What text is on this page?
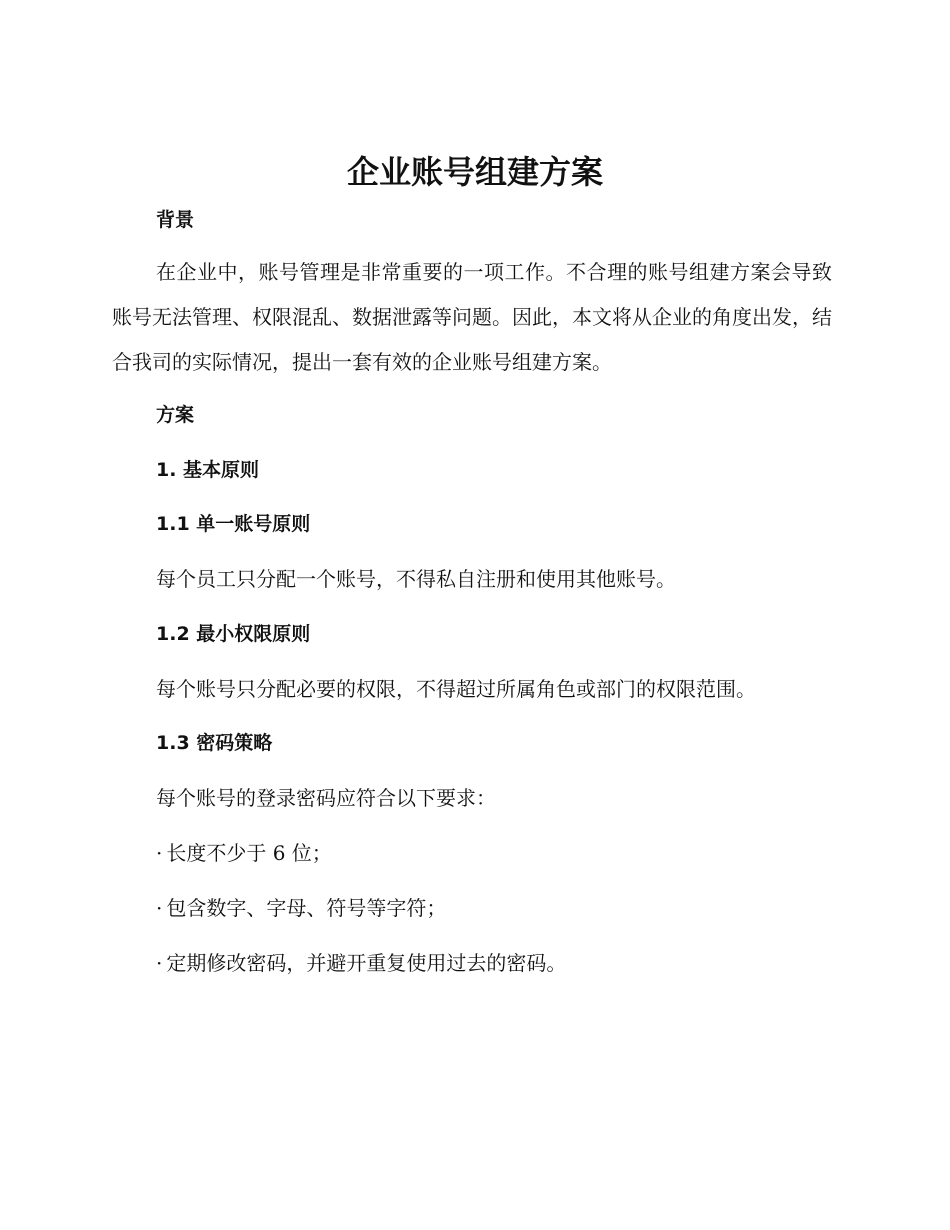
企业账号组建方案
背景

在企业中，账号管理是非常重要的一项工作。不合理的账号组建方案会导致账号无法管理、权限混乱、数据泄露等问题。因此，本文将从企业的角度出发，结合我司的实际情况，提出一套有效的企业账号组建方案。

方案
1. 基本原则
1.1 单一账号原则

每个员工只分配一个账号，不得私自注册和使用其他账号。

1.2 最小权限原则

每个账号只分配必要的权限，不得超过所属角色或部门的权限范围。

1.3 密码策略

每个账号的登录密码应符合以下要求：

· 长度不少于 6 位；

· 包含数字、字母、符号等字符；

· 定期修改密码，并避开重复使用过去的密码。
